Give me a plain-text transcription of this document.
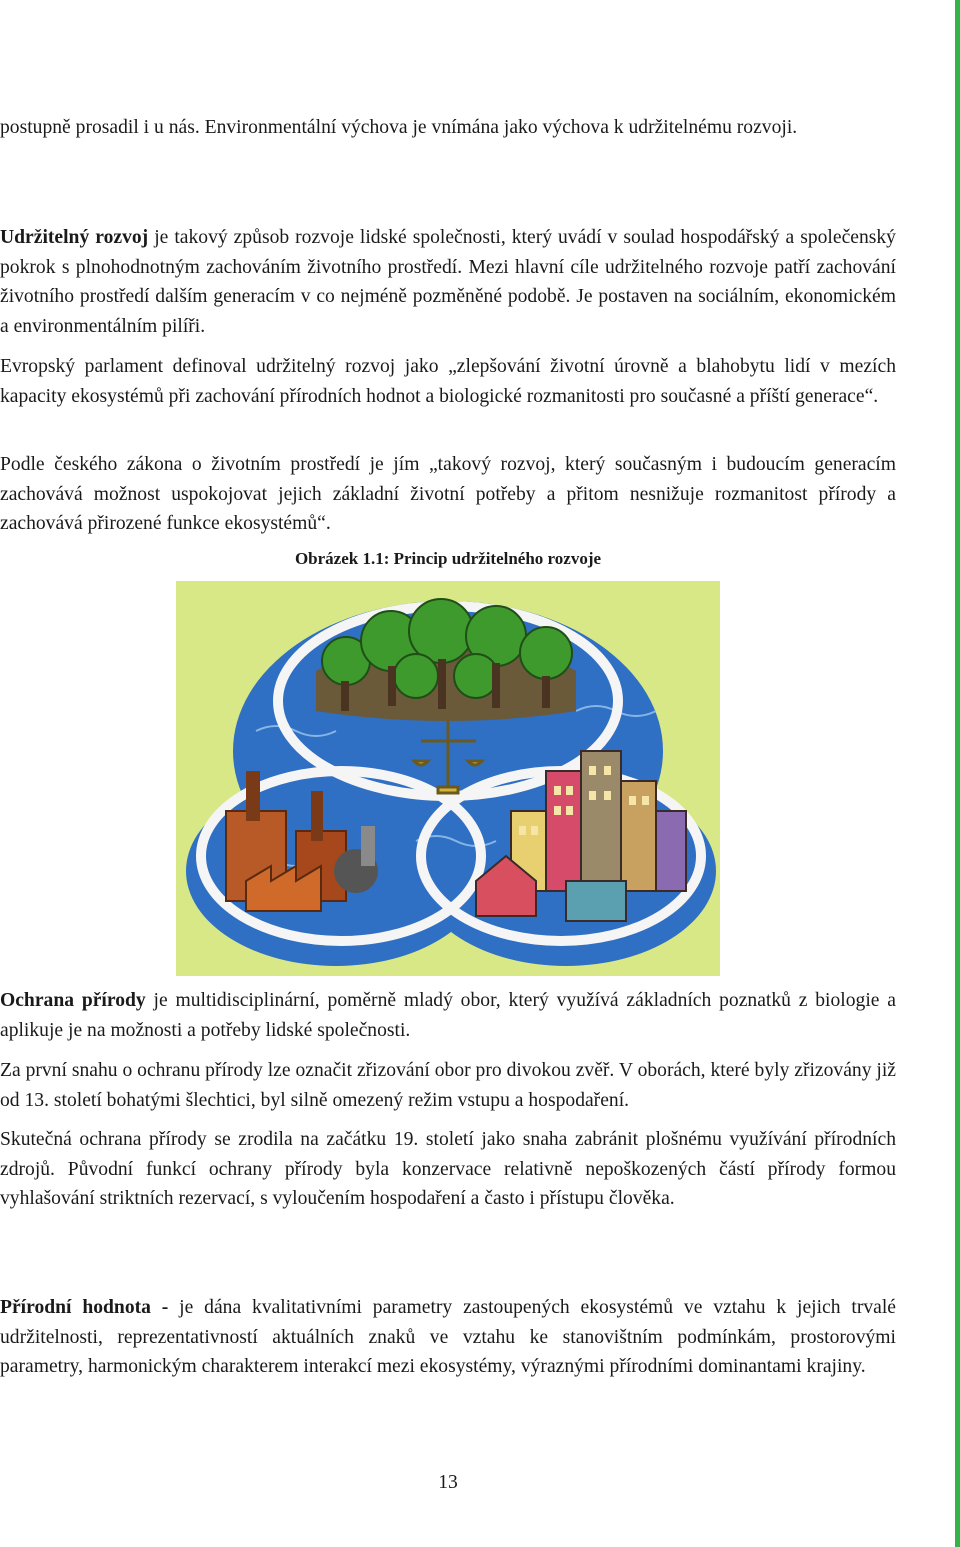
postupně prosadil i u nás. Environmentální výchova je vnímána jako výchova k udržitelnému rozvoji.

Udržitelný rozvoj je takový způsob rozvoje lidské společnosti, který uvádí v soulad hospodářský a společenský pokrok s plnohodnotným zachováním životního prostředí. Mezi hlavní cíle udržitelného rozvoje patří zachování životního prostředí dalším generacím v co nejméně pozměněné podobě. Je postaven na sociálním, ekonomickém a environmentálním pilíři.

Evropský parlament definoval udržitelný rozvoj jako „zlepšování životní úrovně a blahobytu lidí v mezích kapacity ekosystémů při zachování přírodních hodnot a biologické rozmanitosti pro současné a příští generace“.

Podle českého zákona o životním prostředí je jím „takový rozvoj, který současným i budoucím generacím zachovává možnost uspokojovat jejich základní životní potřeby a přitom nesnižuje rozmanitost přírody a zachovává přirozené funkce ekosystémů“.

Obrázek 1.1: Princip udržitelného rozvoje

Ochrana přírody je multidisciplinární, poměrně mladý obor, který využívá základních poznatků z biologie a aplikuje je na možnosti a potřeby lidské společnosti.

Za první snahu o ochranu přírody lze označit zřizování obor pro divokou zvěř. V oborách, které byly zřizovány již od 13. století bohatými šlechtici, byl silně omezený režim vstupu a hospodaření.

Skutečná ochrana přírody se zrodila na začátku 19. století jako snaha zabránit plošnému využívání přírodních zdrojů. Původní funkcí ochrany přírody byla konzervace relativně nepoškozených částí přírody formou vyhlašování striktních rezervací, s vyloučením hospodaření a často i přístupu člověka.

Přírodní hodnota - je dána kvalitativními parametry zastoupených ekosystémů ve vztahu k jejich trvalé udržitelnosti, reprezentativností aktuálních znaků ve vztahu ke stanovištním podmínkám, prostorovými parametry, harmonickým charakterem interakcí mezi ekosystémy, výraznými přírodními dominantami krajiny.

13
